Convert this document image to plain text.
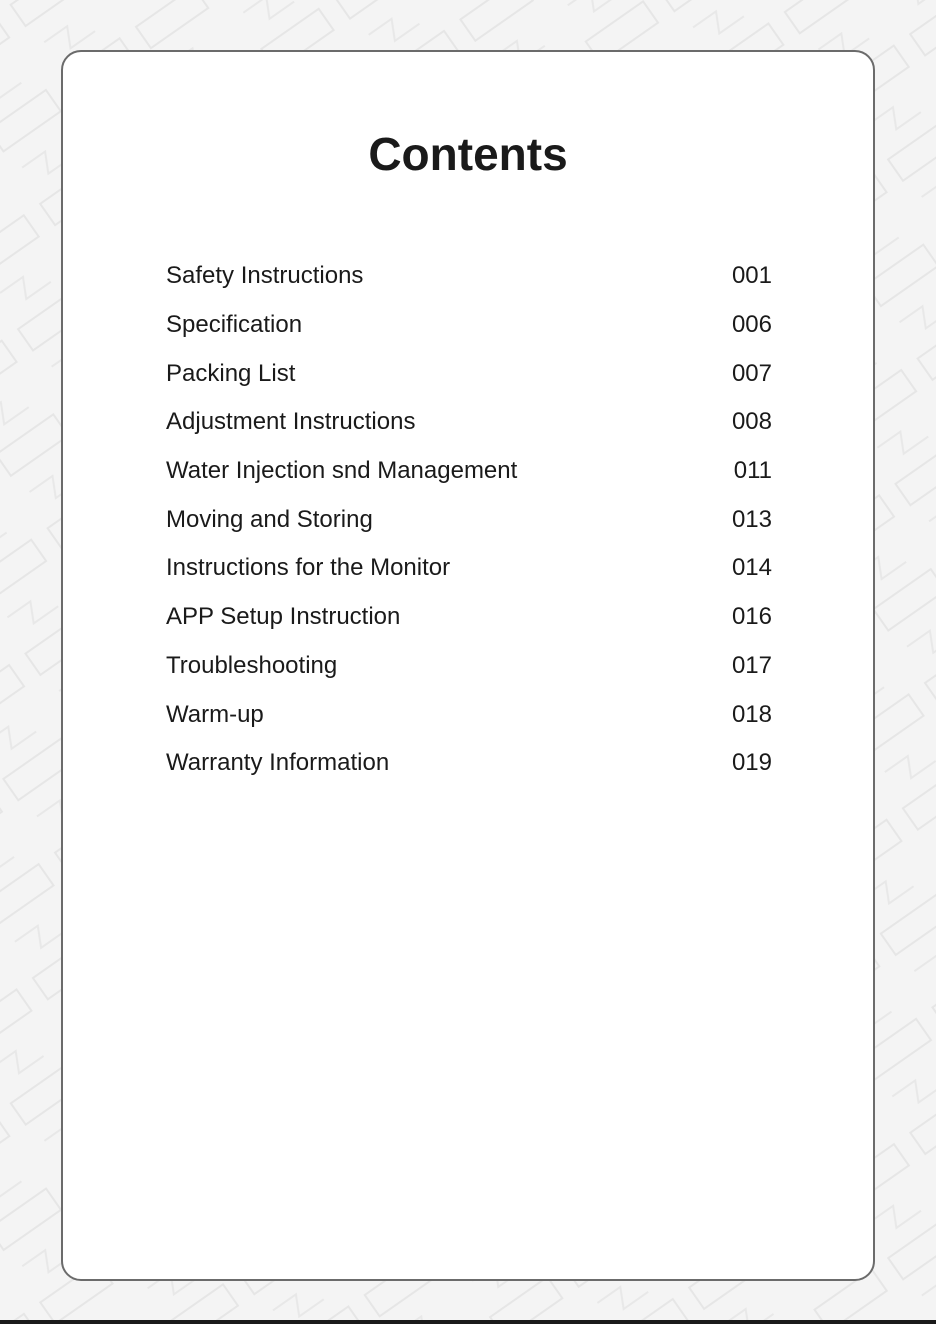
Contents
Safety Instructions	001
Specification	006
Packing List	007
Adjustment Instructions	008
Water Injection snd Management	011
Moving and Storing	013
Instructions for the Monitor	014
APP Setup Instruction	016
Troubleshooting	017
Warm-up	018
Warranty Information	019
